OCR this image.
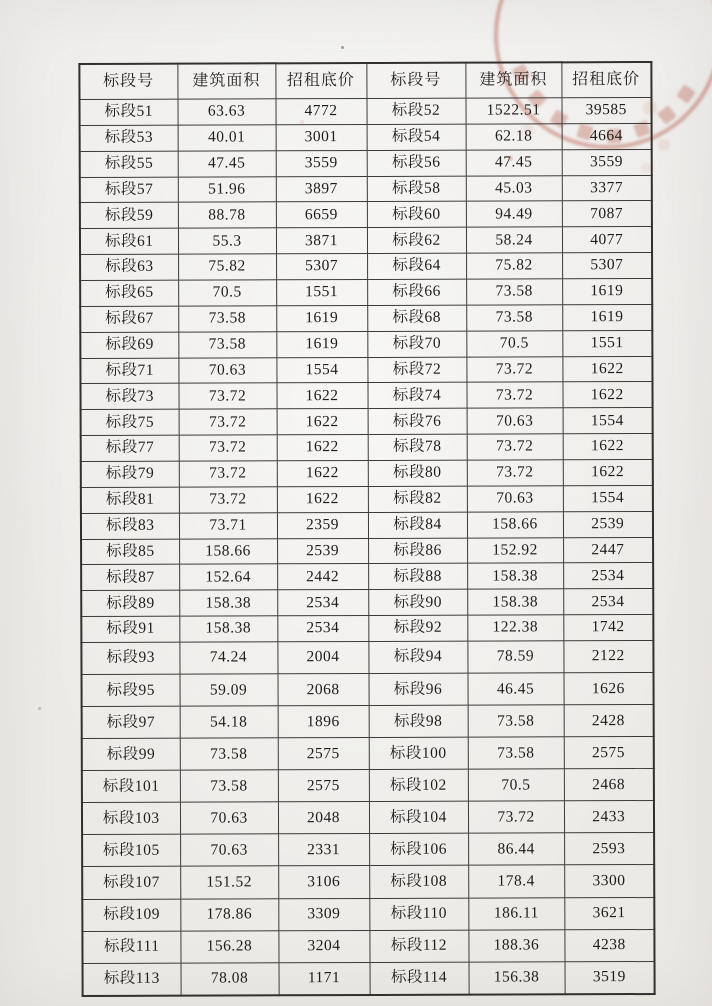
标段号	建筑面积	招租底价	标段号	建筑面积	招租底价
标段51	63.63	4772	标段52	1522.51	39585
标段53	40.01	3001	标段54	62.18	4664
标段55	47.45	3559	标段56	47.45	3559
标段57	51.96	3897	标段58	45.03	3377
标段59	88.78	6659	标段60	94.49	7087
标段61	55.3	3871	标段62	58.24	4077
标段63	75.82	5307	标段64	75.82	5307
标段65	70.5	1551	标段66	73.58	1619
标段67	73.58	1619	标段68	73.58	1619
标段69	73.58	1619	标段70	70.5	1551
标段71	70.63	1554	标段72	73.72	1622
标段73	73.72	1622	标段74	73.72	1622
标段75	73.72	1622	标段76	70.63	1554
标段77	73.72	1622	标段78	73.72	1622
标段79	73.72	1622	标段80	73.72	1622
标段81	73.72	1622	标段82	70.63	1554
标段83	73.71	2359	标段84	158.66	2539
标段85	158.66	2539	标段86	152.92	2447
标段87	152.64	2442	标段88	158.38	2534
标段89	158.38	2534	标段90	158.38	2534
标段91	158.38	2534	标段92	122.38	1742
标段93	74.24	2004	标段94	78.59	2122
标段95	59.09	2068	标段96	46.45	1626
标段97	54.18	1896	标段98	73.58	2428
标段99	73.58	2575	标段100	73.58	2575
标段101	73.58	2575	标段102	70.5	2468
标段103	70.63	2048	标段104	73.72	2433
标段105	70.63	2331	标段106	86.44	2593
标段107	151.52	3106	标段108	178.4	3300
标段109	178.86	3309	标段110	186.11	3621
标段111	156.28	3204	标段112	188.36	4238
标段113	78.08	1171	标段114	156.38	3519
